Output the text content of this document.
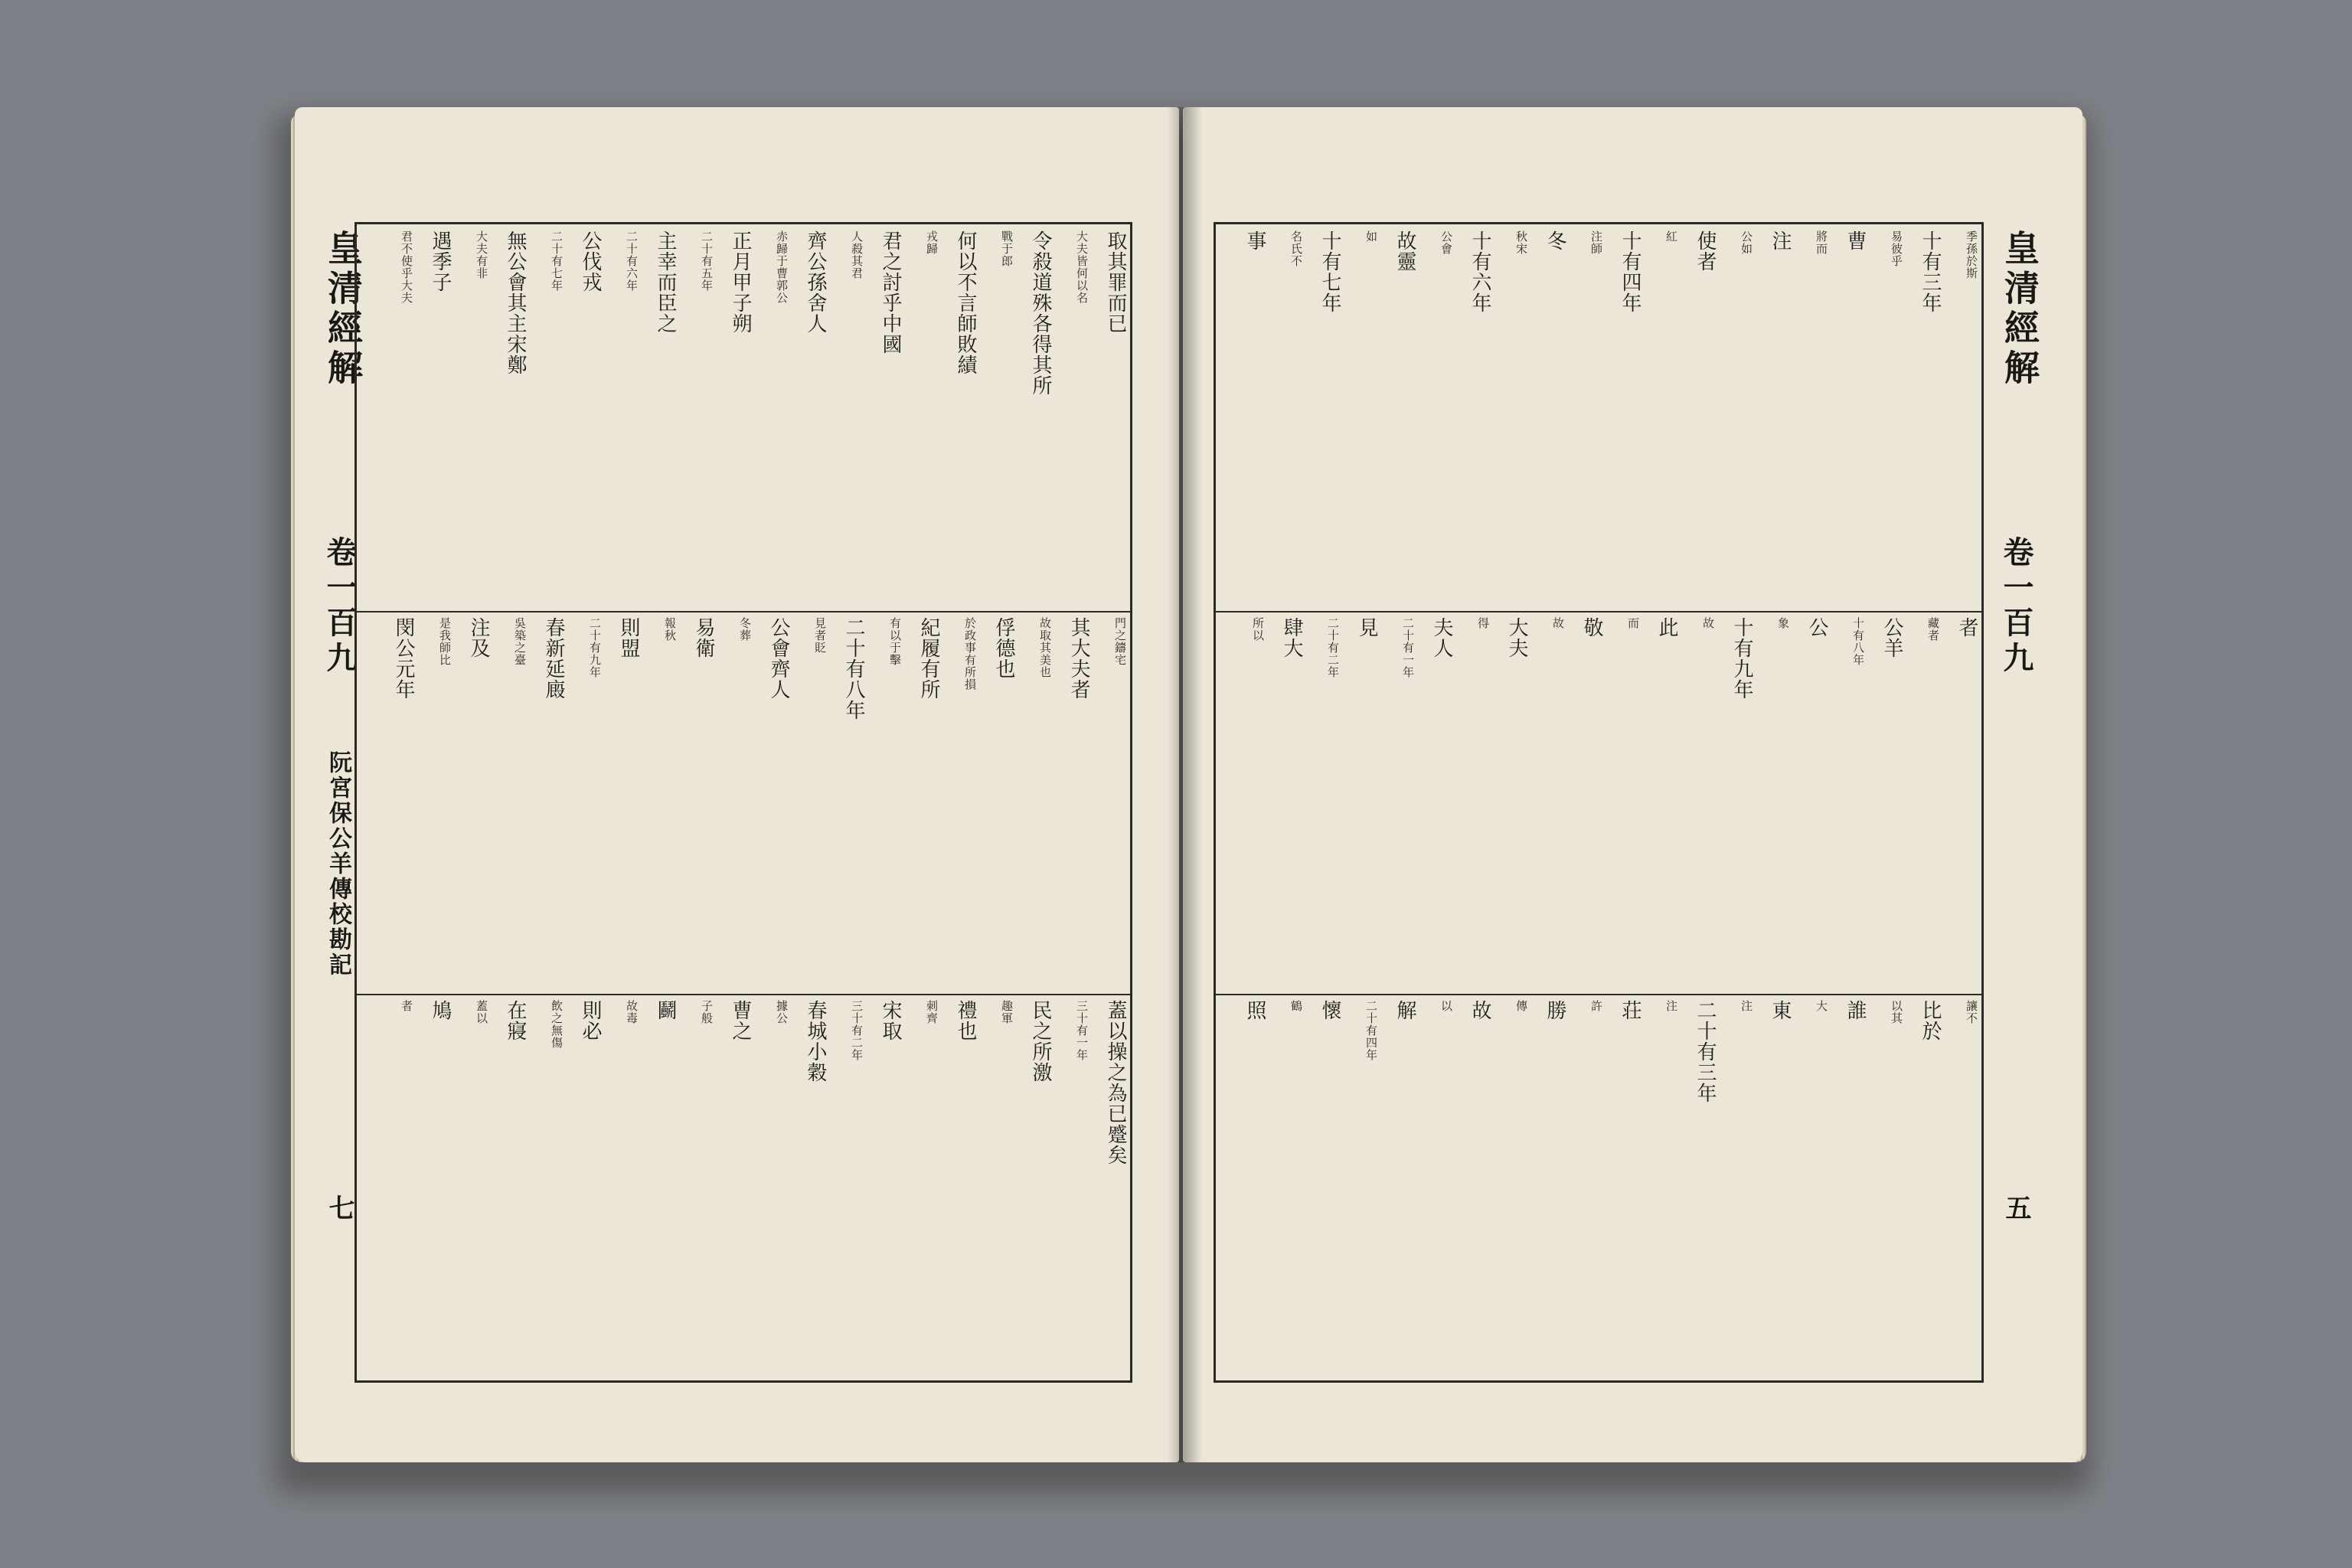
皇清經解
卷一百九
阮宮保公羊傳校勘記
七
取其罪而已
大夫皆何以名
令殺道殊各得其所
戰于郎
何以不言師敗績
戎歸
君之討乎中國
人殺其君
齊公孫舍人
赤歸于曹郭公
正月甲子朔
二十有五年
主幸而臣之
二十有六年
公伐戎
二十有七年
無公會其主宋鄭
大夫有非
遇季子
君不使乎大夫
門之鑄宅
其大夫者
故取其美也
俘德也
於政事有所損
紀履有所
有以于擊
二十有八年
見者貶
公會齊人
冬葬
易衛
報秋
則盟
二十有九年
春新延廄
吳築之臺
注及
是我師比
閔公元年
蓋以操之為已蹙矣
三十有一年
民之所激
趣軍
禮也
刺齊
宋取
三十有二年
春城小穀
據公
曹之
子般
鬬
故毒
則必
飲之無傷
在寢
蓋以
鳩
者
皇清經解
卷一百九
五
季孫於斯
十有三年
易彼乎
曹
將而
注
公如
使者
紅
十有四年
注師
冬
秋宋
十有六年
公會
故靈
如
十有七年
名氏不
事
者
藏者
公羊
十有八年
公
象
十有九年
故
此
而
敬
故
大夫
得
夫人
二十有一年
見
二十有二年
肆大
所以
讓不
比於
以其
誰
大
東
注
二十有三年
注
荘
許
勝
傳
故
以
解
二十有四年
懷
鶴
照
